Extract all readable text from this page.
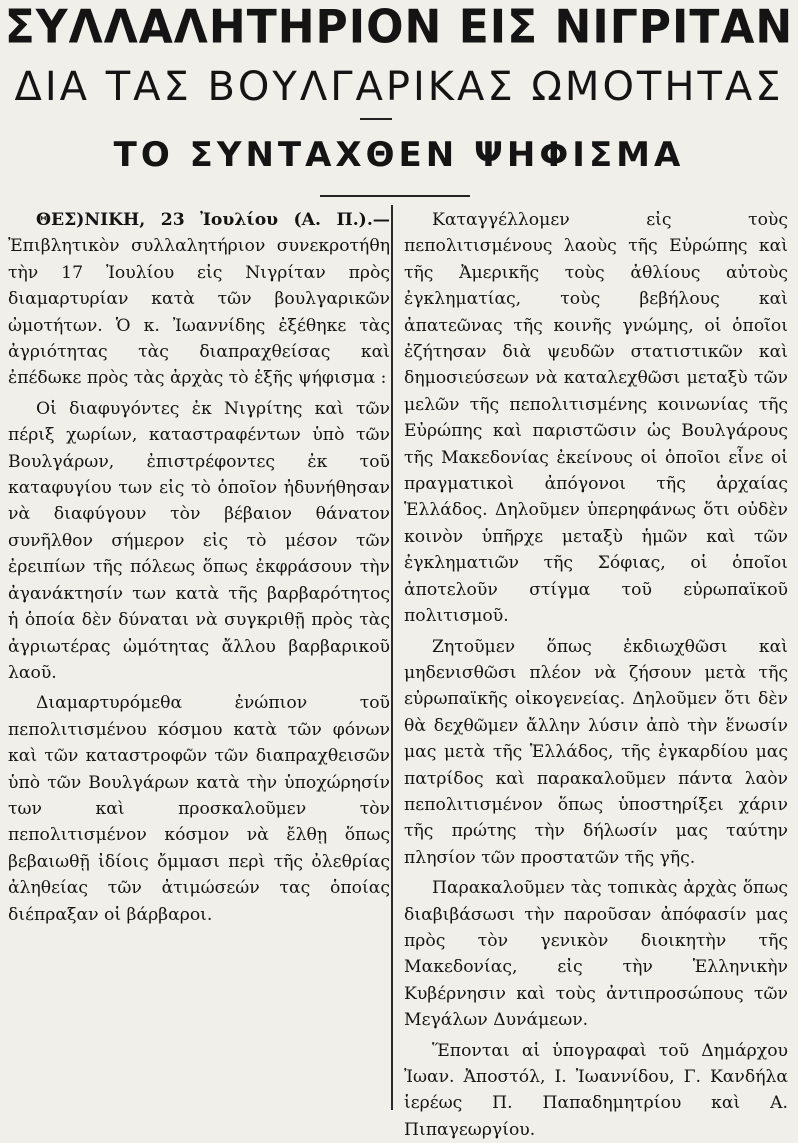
ΣΥΛΛΑΛΗΤΗΡΙΟΝ ΕΙΣ ΝΙΓΡΙΤΑΝ
ΔΙΑ ΤΑΣ ΒΟΥΛΓΑΡΙΚΑΣ ΩΜΟΤΗΤΑΣ
ΤΟ ΣΥΝΤΑΧΘΕΝ ΨΗΦΙΣΜΑ

ΘΕΣ)ΝΙΚΗ, 23 Ἰουλίου (Α. Π.).— Ἐπιβλητικὸν συλλαλητήριον συνεκροτήθη τὴν 17 Ἰουλίου εἰς Νιγρίταν πρὸς διαμαρτυρίαν κατὰ τῶν βουλγαρικῶν ὠμοτήτων. Ὁ κ. Ἰωαννίδης ἐξέθηκε τὰς ἀγριότητας τὰς διαπραχθείσας καὶ ἐπέδωκε πρὸς τὰς ἀρχὰς τὸ ἑξῆς ψήφισμα :

Οἱ διαφυγόντες ἐκ Νιγρίτης καὶ τῶν πέριξ χωρίων, καταστραφέντων ὑπὸ τῶν Βουλγάρων, ἐπιστρέφοντες ἐκ τοῦ καταφυγίου των εἰς τὸ ὁποῖον ἠδυνήθησαν νὰ διαφύγουν τὸν βέβαιον θάνατον συνῆλθον σήμερον εἰς τὸ μέσον τῶν ἐρειπίων τῆς πόλεως ὅπως ἐκφράσουν τὴν ἀγανάκτησίν των κατὰ τῆς βαρβαρότητος ἡ ὁποία δὲν δύναται νὰ συγκριθῇ πρὸς τὰς ἀγριωτέρας ὠμότητας ἄλλου βαρβαρικοῦ λαοῦ.

Διαμαρτυρόμεθα ἐνώπιον τοῦ πεπολιτισμένου κόσμου κατὰ τῶν φόνων καὶ τῶν καταστροφῶν τῶν διαπραχθεισῶν ὑπὸ τῶν Βουλγάρων κατὰ τὴν ὑποχώρησίν των καὶ προσκαλοῦμεν τὸν πεπολιτισμένον κόσμον νὰ ἔλθῃ ὅπως βεβαιωθῇ ἰδίοις ὄμμασι περὶ τῆς ὀλεθρίας ἀληθείας τῶν ἀτιμώσεών τας ὁποίας διέπραξαν οἱ βάρβαροι.

Καταγγέλλομεν εἰς τοὺς πεπολιτισμένους λαοὺς τῆς Εὐρώπης καὶ τῆς Ἀμερικῆς τοὺς ἀθλίους αὐτοὺς ἐγκληματίας, τοὺς βεβήλους καὶ ἀπατεῶνας τῆς κοινῆς γνώμης, οἱ ὁποῖοι ἐζήτησαν διὰ ψευδῶν στατιστικῶν καὶ δημοσιεύσεων νὰ καταλεχθῶσι μεταξὺ τῶν μελῶν τῆς πεπολιτισμένης κοινωνίας τῆς Εὐρώπης καὶ παριστῶσιν ὡς Βουλγάρους τῆς Μακεδονίας ἐκείνους οἱ ὁποῖοι εἶνε οἱ πραγματικοὶ ἀπόγονοι τῆς ἀρχαίας Ἑλλάδος. Δηλοῦμεν ὑπερηφάνως ὅτι οὐδὲν κοινὸν ὑπῆρχε μεταξὺ ἡμῶν καὶ τῶν ἐγκληματιῶν τῆς Σόφιας, οἱ ὁποῖοι ἀποτελοῦν στίγμα τοῦ εὐρωπαϊκοῦ πολιτισμοῦ.

Ζητοῦμεν ὅπως ἐκδιωχθῶσι καὶ μηδενισθῶσι πλέον νὰ ζήσουν μετὰ τῆς εὐρωπαϊκῆς οἰκογενείας. Δηλοῦμεν ὅτι δὲν θὰ δεχθῶμεν ἄλλην λύσιν ἀπὸ τὴν ἕνωσίν μας μετὰ τῆς Ἑλλάδος, τῆς ἐγκαρδίου μας πατρίδος καὶ παρακαλοῦμεν πάντα λαὸν πεπολιτισμένον ὅπως ὑποστηρίξει χάριν τῆς πρώτης τὴν δήλωσίν μας ταύτην πλησίον τῶν προστατῶν τῆς γῆς.

Παρακαλοῦμεν τὰς τοπικὰς ἀρχὰς ὅπως διαβιβάσωσι τὴν παροῦσαν ἀπόφασίν μας πρὸς τὸν γενικὸν διοικητὴν τῆς Μακεδονίας, εἰς τὴν Ἑλληνικὴν Κυβέρνησιν καὶ τοὺς ἀντιπροσώπους τῶν Μεγάλων Δυνάμεων.

Ἕπονται αἱ ὑπογραφαὶ τοῦ Δημάρχου Ἰωαν. Ἀποστόλ, Ι. Ἰωαννίδου, Γ. Κανδήλα ἱερέως Π. Παπαδημητρίου καὶ Α. Πιπαγεωργίου.
